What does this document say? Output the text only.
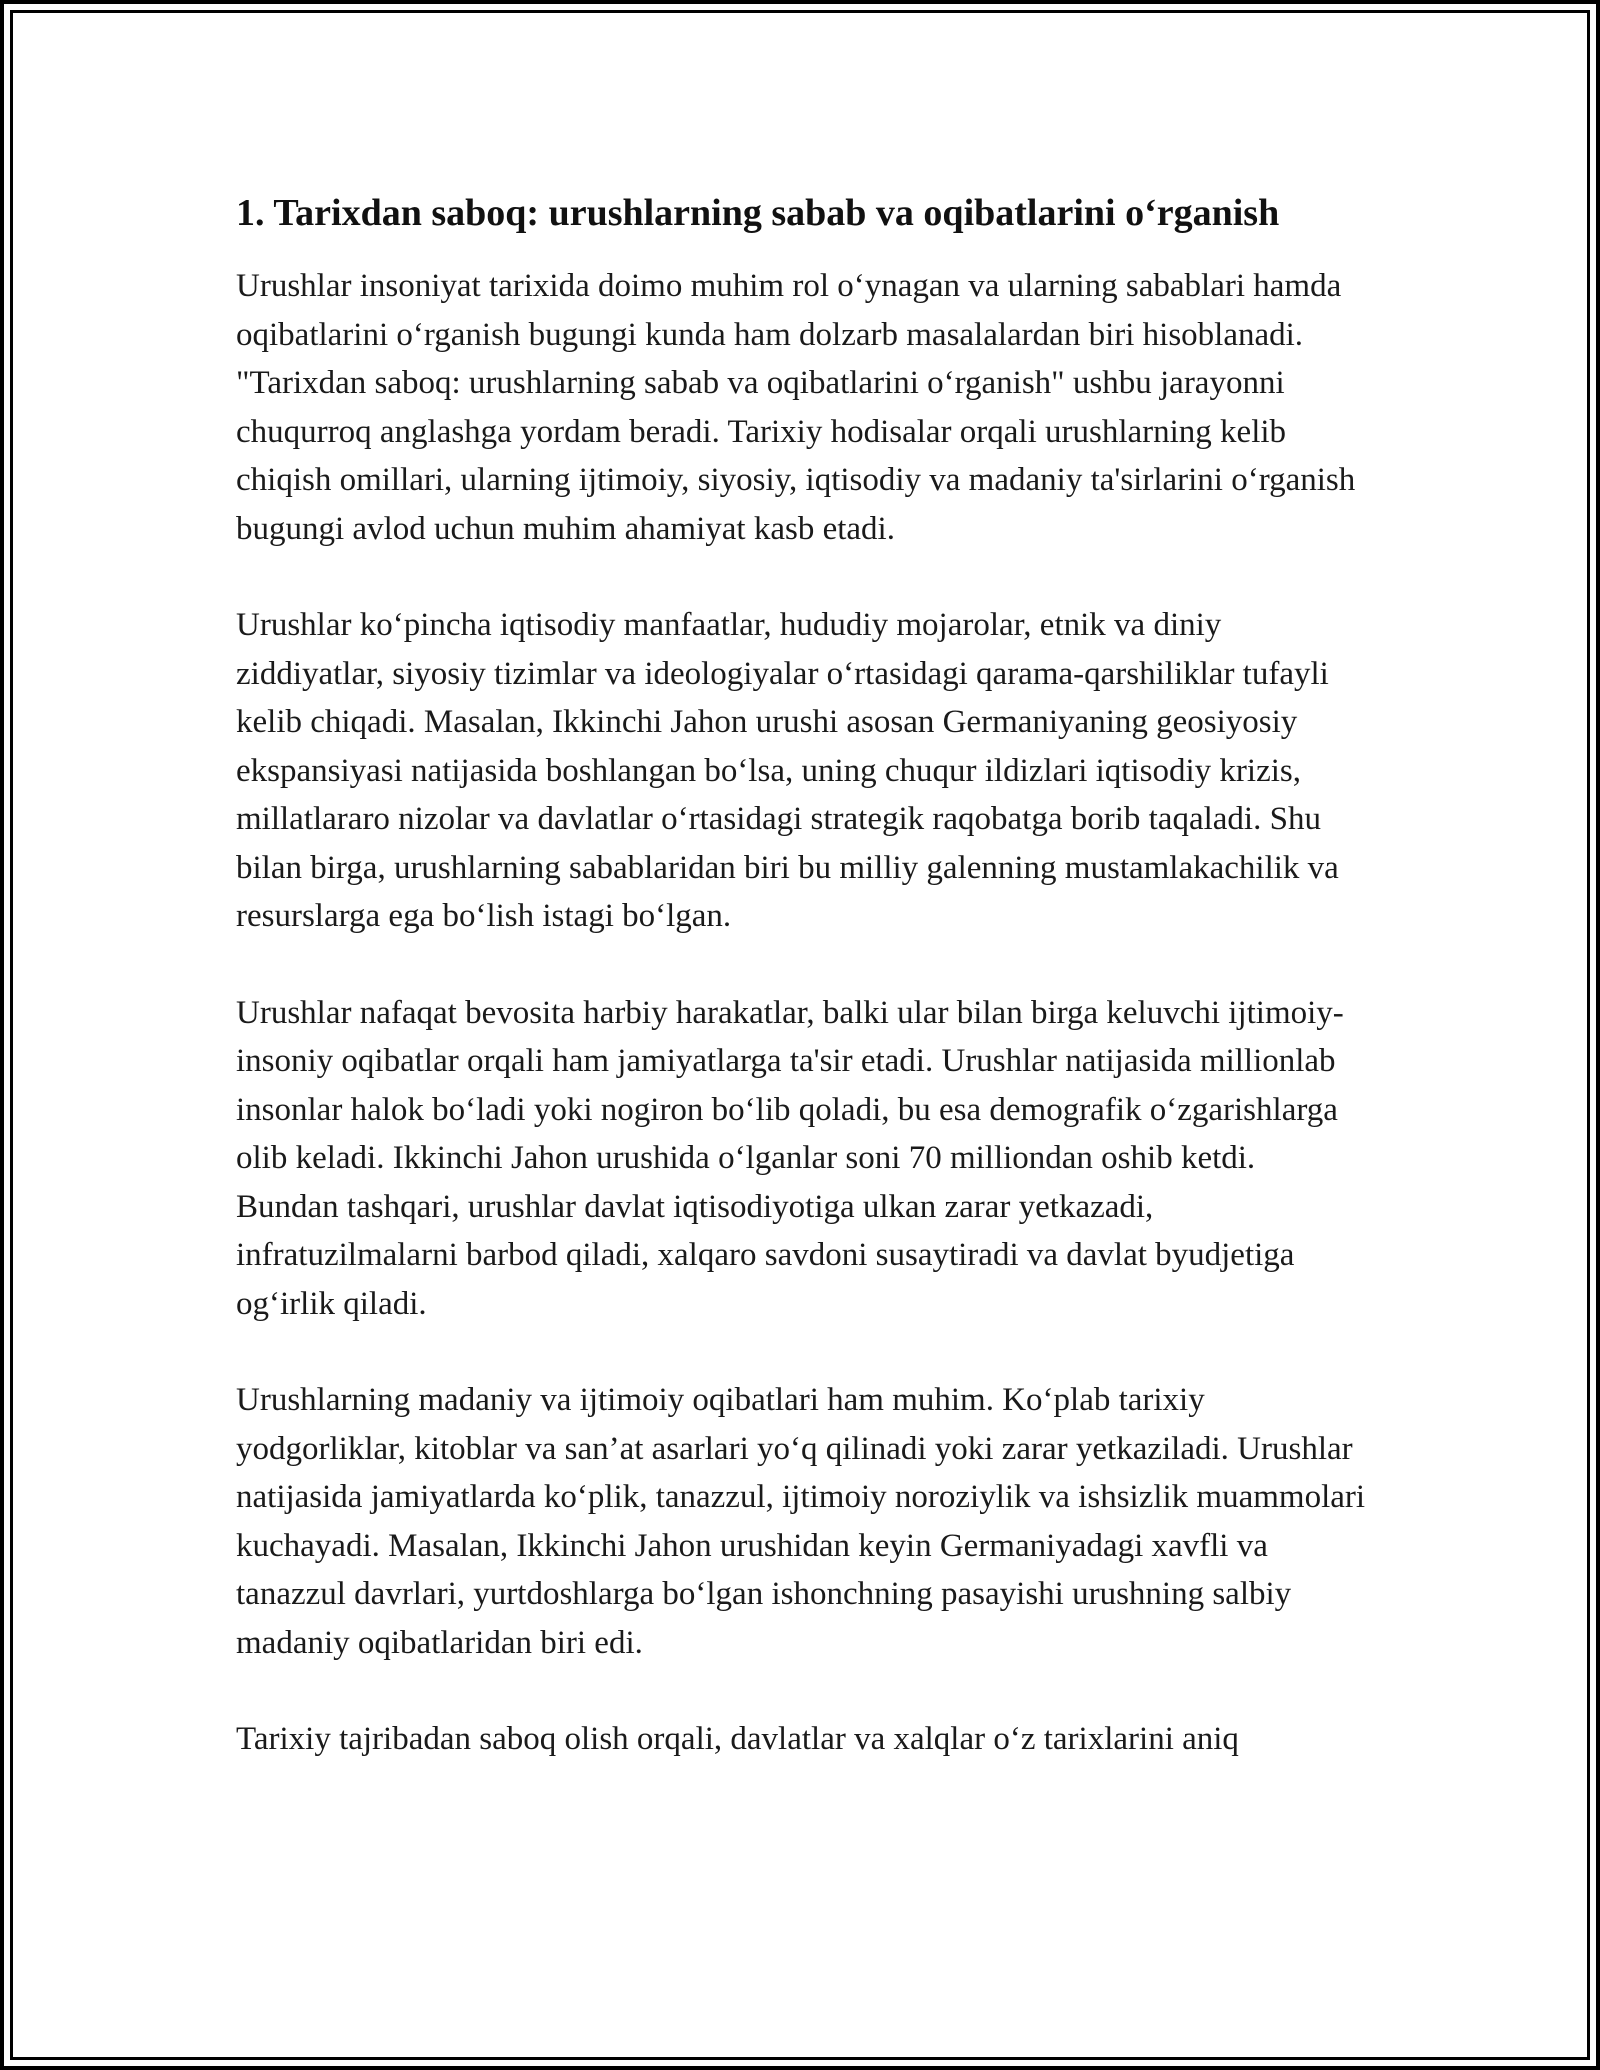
1. Tarixdan saboq: urushlarning sabab va oqibatlarini o‘rganish

Urushlar insoniyat tarixida doimo muhim rol o‘ynagan va ularning sabablari hamda oqibatlarini o‘rganish bugungi kunda ham dolzarb masalalardan biri hisoblanadi. "Tarixdan saboq: urushlarning sabab va oqibatlarini o‘rganish" ushbu jarayonni chuqurroq anglashga yordam beradi. Tarixiy hodisalar orqali urushlarning kelib chiqish omillari, ularning ijtimoiy, siyosiy, iqtisodiy va madaniy ta'sirlarini o‘rganish bugungi avlod uchun muhim ahamiyat kasb etadi.

Urushlar ko‘pincha iqtisodiy manfaatlar, hududiy mojarolar, etnik va diniy ziddiyatlar, siyosiy tizimlar va ideologiyalar o‘rtasidagi qarama-qarshiliklar tufayli kelib chiqadi. Masalan, Ikkinchi Jahon urushi asosan Germaniyaning geosiyosiy ekspansiyasi natijasida boshlangan bo‘lsa, uning chuqur ildizlari iqtisodiy krizis, millatlararo nizolar va davlatlar o‘rtasidagi strategik raqobatga borib taqaladi. Shu bilan birga, urushlarning sabablaridan biri bu milliy galenning mustamlakachilik va resurslarga ega bo‘lish istagi bo‘lgan.

Urushlar nafaqat bevosita harbiy harakatlar, balki ular bilan birga keluvchi ijtimoiy-insoniy oqibatlar orqali ham jamiyatlarga ta'sir etadi. Urushlar natijasida millionlab insonlar halok bo‘ladi yoki nogiron bo‘lib qoladi, bu esa demografik o‘zgarishlarga olib keladi. Ikkinchi Jahon urushida o‘lganlar soni 70 milliondan oshib ketdi. Bundan tashqari, urushlar davlat iqtisodiyotiga ulkan zarar yetkazadi, infratuzilmalarni barbod qiladi, xalqaro savdoni susaytiradi va davlat byudjetiga og‘irlik qiladi.

Urushlarning madaniy va ijtimoiy oqibatlari ham muhim. Ko‘plab tarixiy yodgorliklar, kitoblar va san’at asarlari yo‘q qilinadi yoki zarar yetkaziladi. Urushlar natijasida jamiyatlarda ko‘plik, tanazzul, ijtimoiy noroziylik va ishsizlik muammolari kuchayadi. Masalan, Ikkinchi Jahon urushidan keyin Germaniyadagi xavfli va tanazzul davrlari, yurtdoshlarga bo‘lgan ishonchning pasayishi urushning salbiy madaniy oqibatlaridan biri edi.

Tarixiy tajribadan saboq olish orqali, davlatlar va xalqlar o‘z tarixlarini aniq
